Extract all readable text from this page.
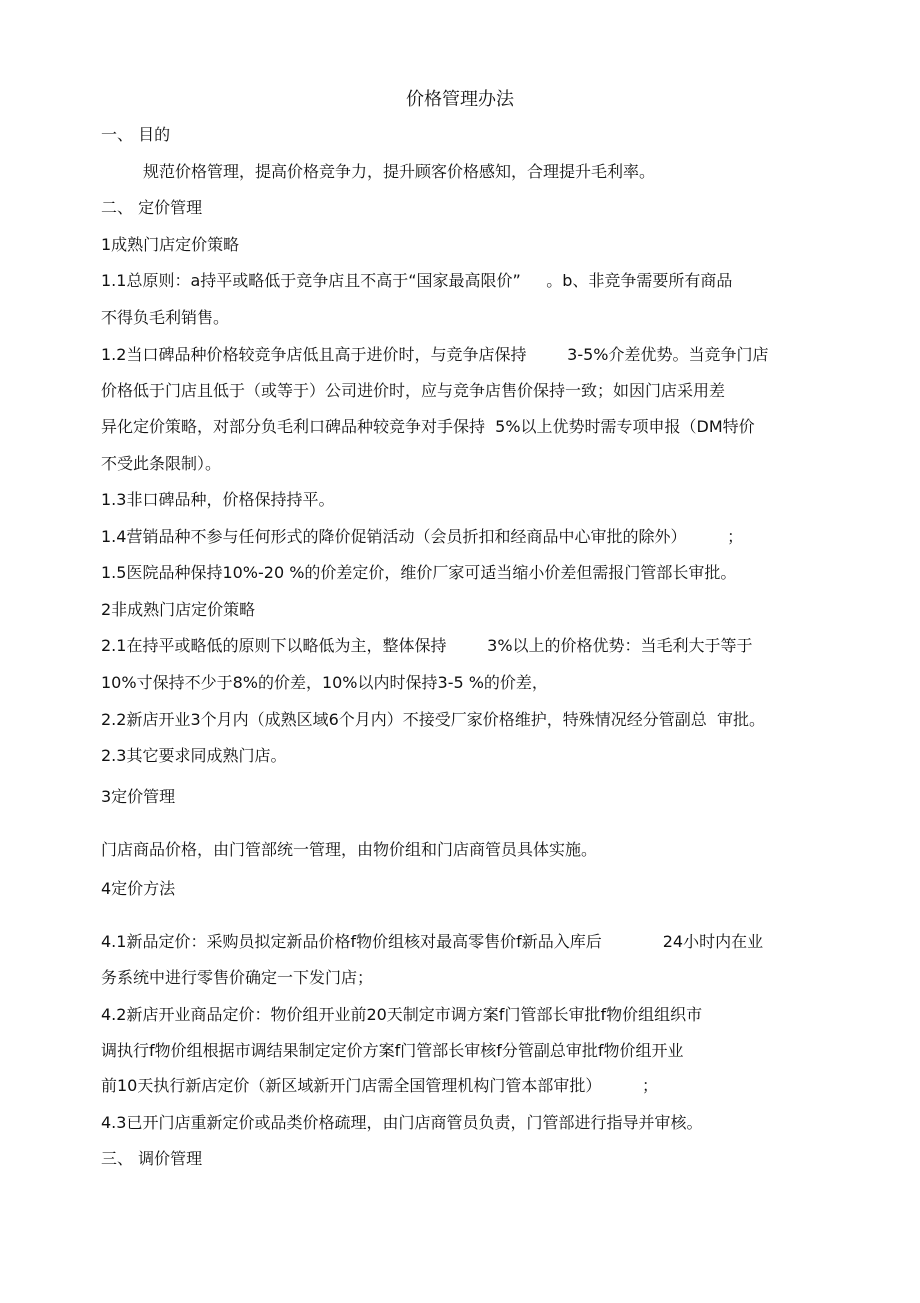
价格管理办法
一、 目的
规范价格管理，提高价格竞争力，提升顾客价格感知，合理提升毛利率。
二、 定价管理
1成熟门店定价策略
1.1总原则：a持平或略低于竞争店且不高于“国家最高限价”     。b、非竞争需要所有商品
不得负毛利销售。
1.2当口碑品种价格较竞争店低且高于进价时，与竞争店保持        3-5%介差优势。当竞争门店
价格低于门店且低于（或等于）公司进价时，应与竞争店售价保持一致；如因门店采用差
异化定价策略，对部分负毛利口碑品种较竞争对手保持  5%以上优势时需专项申报（DM特价
不受此条限制）。
1.3非口碑品种，价格保持持平。
1.4营销品种不参与任何形式的降价促销活动（会员折扣和经商品中心审批的除外）        ；
1.5医院品种保持10%-20 %的价差定价，维价厂家可适当缩小价差但需报门管部长审批。
2非成熟门店定价策略
2.1在持平或略低的原则下以略低为主，整体保持        3%以上的价格优势：当毛利大于等于
10%寸保持不少于8%的价差，10%以内时保持3-5 %的价差，
2.2新店开业3个月内（成熟区域6个月内）不接受厂家价格维护，特殊情况经分管副总  审批。
2.3其它要求同成熟门店。
3定价管理
门店商品价格，由门管部统一管理，由物价组和门店商管员具体实施。
4定价方法
4.1新品定价：采购员拟定新品价格f物价组核对最高零售价f新品入库后            24小时内在业
务系统中进行零售价确定一下发门店；
4.2新店开业商品定价：物价组开业前20天制定市调方案f门管部长审批f物价组组织市
调执行f物价组根据市调结果制定定价方案f门管部长审核f分管副总审批f物价组开业
前10天执行新店定价（新区域新开门店需全国管理机构门管本部审批）        ；
4.3已开门店重新定价或品类价格疏理，由门店商管员负责，门管部进行指导并审核。
三、 调价管理
